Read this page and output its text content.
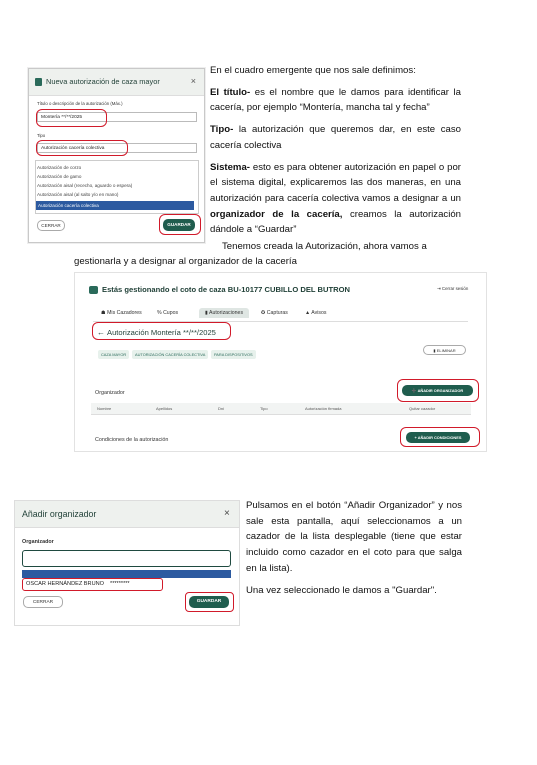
Nueva autorización de caza mayor	×
Título o descripción de la autorización (Máx.)
Montería **/**/2025
Tipo
Autorización cacería colectiva
Autorización de corzo
Autorización de gamo
Autorización aisal (rececho, aguardo o espera)
Autorización aisal (al salto y/o en mano)
Autorización cacería colectiva
CERRAR	GUARDAR

En el cuadro emergente que nos sale definimos:

El título- es el nombre que le damos para identificar la cacería, por ejemplo “Montería, mancha tal y fecha”

Tipo- la autorización que queremos dar, en este caso cacería colectiva

Sistema- esto es para obtener autorización en papel o por el sistema digital, explicaremos las dos maneras, en una autorización para cacería colectiva vamos a designar a un organizador de la cacería, creamos la autorización dándole a “Guardar”

Tenemos creada la Autorización, ahora vamos a
gestionarla y a designar al organizador de la cacería
Estás gestionando el coto de caza BU-10177 CUBILLO DEL BUTRON	⇥ Cerrar sesión
☗ Mis Cazadores	% Cupos	▮ Autorizaciones	✪ Capturas	▲ Avisos
← Autorización Montería **/**/2025
CAZA MAYOR	AUTORIZACIÓN CACERÍA COLECTIVA	PARA DISPOSITIVOS
▮ ELIMINAR
Organizador	➕ AÑADIR ORGANIZADOR
Nombre	Apellidos	Dni	Tipo	Autorización firmada	Quitar cazador
Condiciones de la autorización	+ AÑADIR CONDICIONES
Añadir organizador	×
Organizador
OSCAR HERNÁNDEZ BRUNO *********
CERRAR	GUARDAR

Pulsamos en el botón “Añadir Organizador” y nos sale esta pantalla, aquí seleccionamos a un cazador de la lista desplegable (tiene que estar incluido como cazador en el coto para que salga en la lista).

Una vez seleccionado le damos a "Guardar".
